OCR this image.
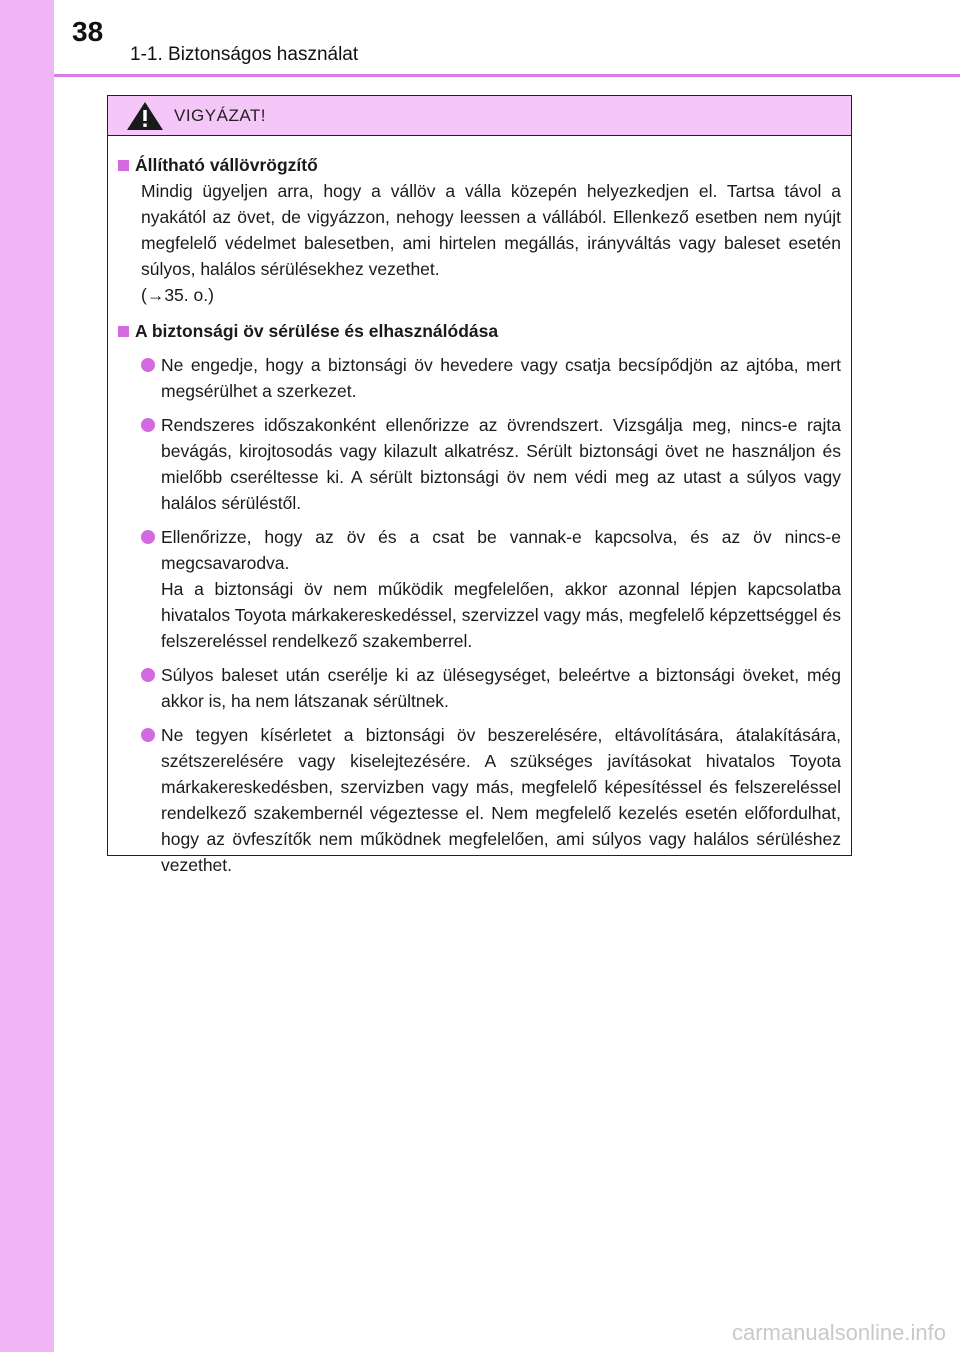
38
1-1. Biztonságos használat
VIGYÁZAT!
Állítható vállövrögzítő
Mindig ügyeljen arra, hogy a vállöv a válla közepén helyezkedjen el. Tartsa távol a nyakától az övet, de vigyázzon, nehogy leessen a vállából. Ellenkező esetben nem nyújt megfelelő védelmet balesetben, ami hirtelen megállás, irányváltás vagy baleset esetén súlyos, halálos sérülésekhez vezethet.
(→35. o.)
A biztonsági öv sérülése és elhasználódása
Ne engedje, hogy a biztonsági öv hevedere vagy csatja becsípődjön az ajtóba, mert megsérülhet a szerkezet.
Rendszeres időszakonként ellenőrizze az övrendszert. Vizsgálja meg, nincs-e rajta bevágás, kirojtosodás vagy kilazult alkatrész. Sérült biztonsági övet ne használjon és mielőbb cseréltesse ki. A sérült biztonsági öv nem védi meg az utast a súlyos vagy halálos sérüléstől.
Ellenőrizze, hogy az öv és a csat be vannak-e kapcsolva, és az öv nincs-e megcsavarodva.
Ha a biztonsági öv nem működik megfelelően, akkor azonnal lépjen kapcsolatba hivatalos Toyota márkakereskedéssel, szervizzel vagy más, megfelelő képzettséggel és felszereléssel rendelkező szakemberrel.
Súlyos baleset után cserélje ki az ülésegységet, beleértve a biztonsági öveket, még akkor is, ha nem látszanak sérültnek.
Ne tegyen kísérletet a biztonsági öv beszerelésére, eltávolítására, átalakítására, szétszerelésére vagy kiselejtezésére. A szükséges javításokat hivatalos Toyota márkakereskedésben, szervizben vagy más, megfelelő képesítéssel és felszereléssel rendelkező szakembernél végeztesse el. Nem megfelelő kezelés esetén előfordulhat, hogy az övfeszítők nem működnek megfelelően, ami súlyos vagy halálos sérüléshez vezethet.
carmanualsonline.info
